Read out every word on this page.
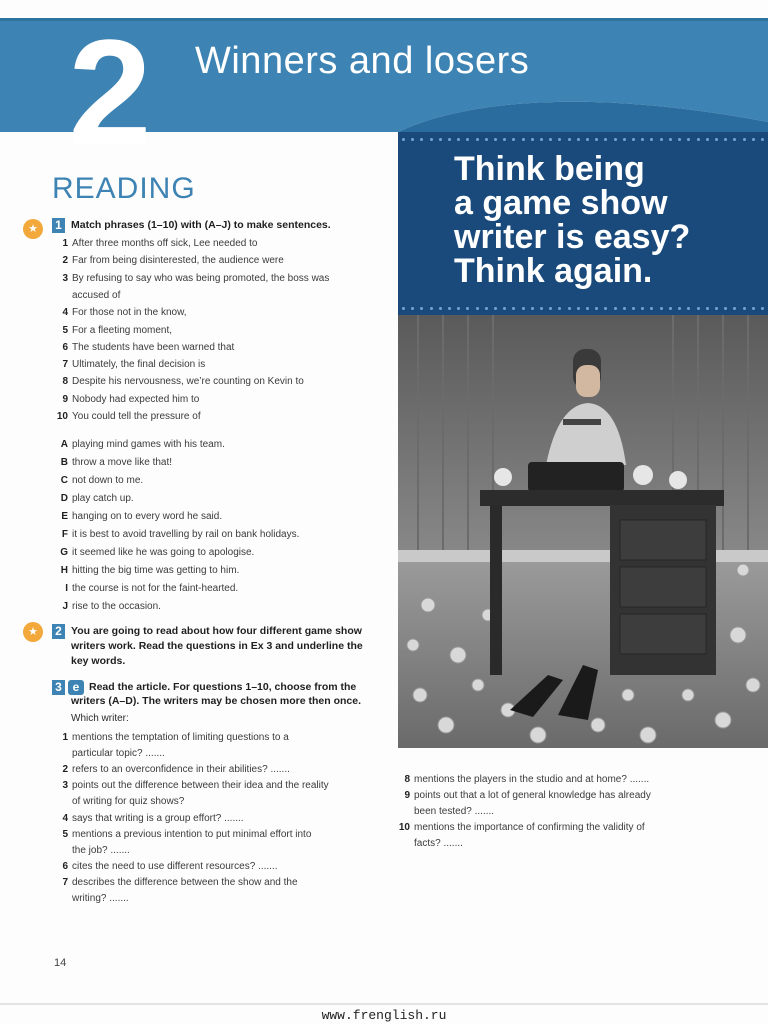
2 Winners and losers
READING
★	1 Match phrases (1–10) with (A–J) to make sentences.
1 After three months off sick, Lee needed to
2 Far from being disinterested, the audience were
3 By refusing to say who was being promoted, the boss was
accused of
4 For those not in the know,
5 For a fleeting moment,
6 The students have been warned that
7 Ultimately, the final decision is
8 Despite his nervousness, we’re counting on Kevin to
9 Nobody had expected him to
10 You could tell the pressure of
A playing mind games with his team.
B throw a move like that!
C not down to me.
D play catch up.
E hanging on to every word he said.
F it is best to avoid travelling by rail on bank holidays.
G it seemed like he was going to apologise.
H hitting the big time was getting to him.
I the course is not for the faint-hearted.
J rise to the occasion.
★	2 You are going to read about how four different game show
writers work. Read the questions in Ex 3 and underline the
key words.
3 e Read the article. For questions 1–10, choose from the
writers (A–D). The writers may be chosen more then once.
Which writer:
1 mentions the temptation of limiting questions to a
particular topic? .......
2 refers to an overconfidence in their abilities? .......
3 points out the difference between their idea and the reality
of writing for quiz shows?
4 says that writing is a group effort? .......
5 mentions a previous intention to put minimal effort into
the job? .......
6 cites the need to use different resources? .......
7 describes the difference between the show and the
writing? .......
8 mentions the players in the studio and at home? .......
9 points out that a lot of general knowledge has already
been tested? .......
10 mentions the importance of confirming the validity of
facts? .......
Think being
a game show
writer is easy?
Think again.
14
www.frenglish.ru
